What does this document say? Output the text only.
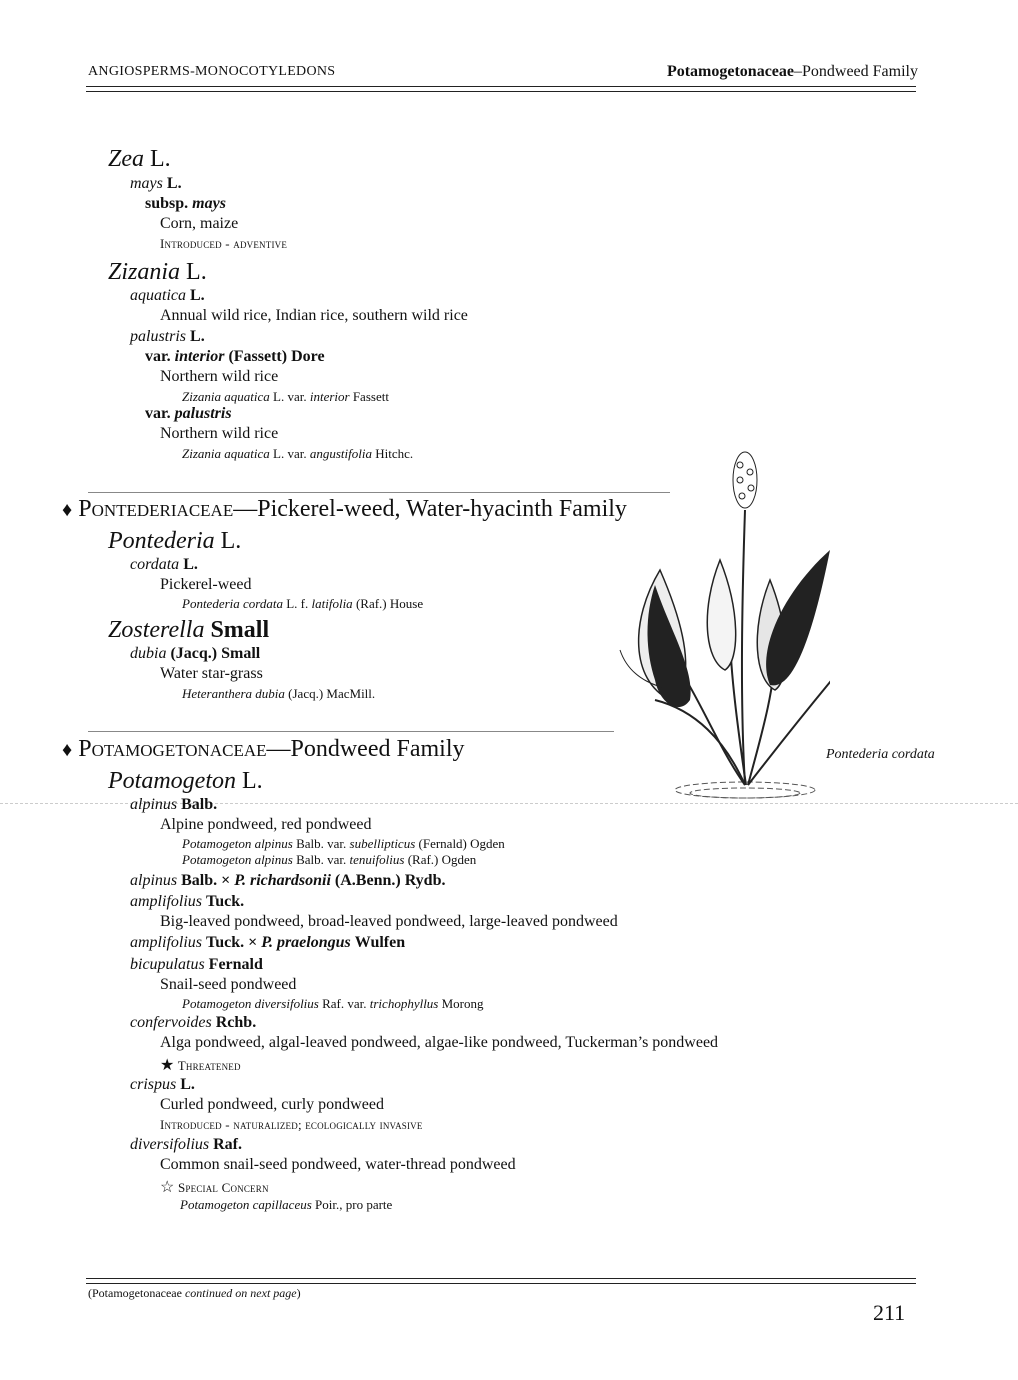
ANGIOSPERMS-MONOCOTYLEDONS	Potamogetonaceae–Pondweed Family
Zea L.
mays L.
subsp. mays
Corn, maize
Introduced - adventive
Zizania L.
aquatica L.
Annual wild rice, Indian rice, southern wild rice
palustris L.
var. interior (Fassett) Dore
Northern wild rice
Zizania aquatica L. var. interior Fassett
var. palustris
Northern wild rice
Zizania aquatica L. var. angustifolia Hitchc.
♦ Pontederiaceae—Pickerel-weed, Water-hyacinth Family
Pontederia L.
cordata L.
Pickerel-weed
Pontederia cordata L. f. latifolia (Raf.) House
Zosterella Small
dubia (Jacq.) Small
Water star-grass
Heteranthera dubia (Jacq.) MacMill.
♦ Potamogetonaceae—Pondweed Family
Potamogeton L.
alpinus Balb.
Alpine pondweed, red pondweed
Potamogeton alpinus Balb. var. subellipticus (Fernald) Ogden
Potamogeton alpinus Balb. var. tenuifolius (Raf.) Ogden
alpinus Balb. × P. richardsonii (A.Benn.) Rydb.
amplifolius Tuck.
Big-leaved pondweed, broad-leaved pondweed, large-leaved pondweed
amplifolius Tuck. × P. praelongus Wulfen
bicupulatus Fernald
Snail-seed pondweed
Potamogeton diversifolius Raf. var. trichophyllus Morong
confervoides Rchb.
Alga pondweed, algal-leaved pondweed, algae-like pondweed, Tuckerman’s pondweed
★ Threatened
crispus L.
Curled pondweed, curly pondweed
Introduced - naturalized; ecologically invasive
diversifolius Raf.
Common snail-seed pondweed, water-thread pondweed
☆ Special Concern
Potamogeton capillaceus Poir., pro parte
Pontederia cordata
(Potamogetonaceae continued on next page)
211
